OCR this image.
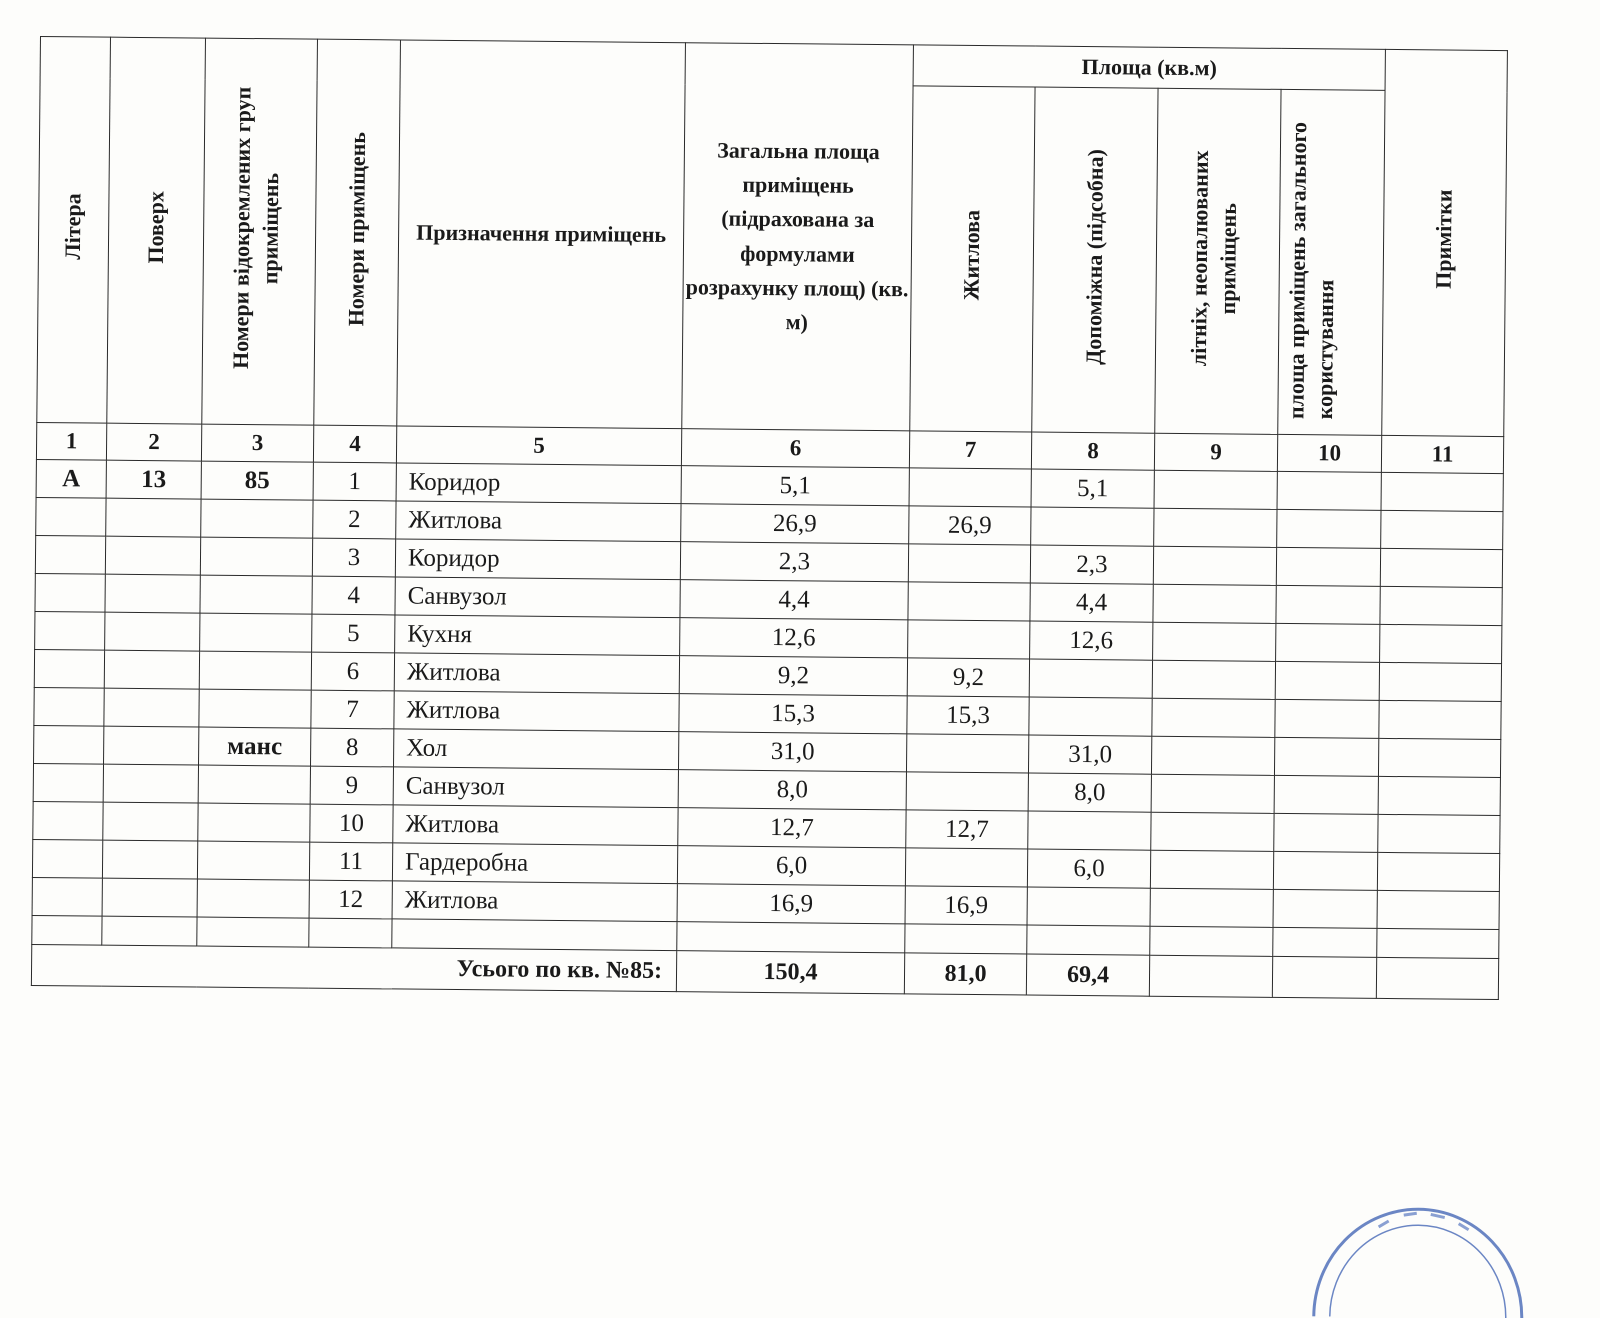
Літера	Поверх	Номери відокремлених груп приміщень	Номери приміщень	Призначення приміщень	Загальна площа приміщень (підрахована за формулами розрахунку площ) (кв. м)	Площа (кв.м)				Примітки
						Житлова	Допоміжна (підсобна)	літніх, неопалюваних приміщень	площа приміщень загального користування	
1	2	3	4	5	6	7	8	9	10	11
А	13	85	1	Коридор	5,1		5,1			
			2	Житлова	26,9	26,9				
			3	Коридор	2,3		2,3			
			4	Санвузол	4,4		4,4			
			5	Кухня	12,6		12,6			
			6	Житлова	9,2	9,2				
			7	Житлова	15,3	15,3				
		манс	8	Хол	31,0		31,0			
			9	Санвузол	8,0		8,0			
			10	Житлова	12,7	12,7				
			11	Гардеробна	6,0		6,0			
			12	Житлова	16,9	16,9				

Усього по кв. №85:					150,4	81,0	69,4			
